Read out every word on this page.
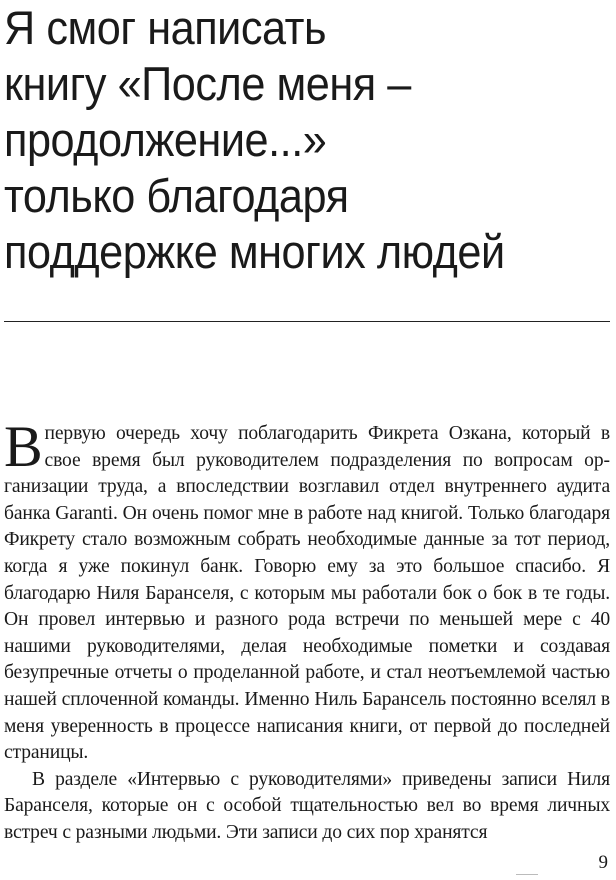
Я смог написать
книгу «После меня –
продолжение...»
только благодаря
поддержке многих людей

В первую очередь хочу поблагодарить Фикрета Озкана, который в свое время был руководителем подразделения по вопросам организации труда, а впоследствии возглавил отдел внутреннего аудита банка Garanti. Он очень помог мне в работе над книгой. Только благодаря Фикрету стало возможным собрать необходимые данные за тот период, когда я уже покинул банк. Говорю ему за это большое спасибо. Я благодарю Ниля Баранселя, с которым мы работали бок о бок в те годы. Он провел интервью и разного рода встречи по меньшей мере с 40 нашими руководителями, делая необходимые пометки и создавая безупречные отчеты о проделанной работе, и стал неотъемлемой частью нашей сплоченной команды. Именно Ниль Барансель постоянно вселял в меня уверенность в процессе написания книги, от первой до последней страницы.

В разделе «Интервью с руководителями» приведены записи Ниля Баранселя, которые он с особой тщательностью вел во время личных встреч с разными людьми. Эти записи до сих пор хранятся

9
